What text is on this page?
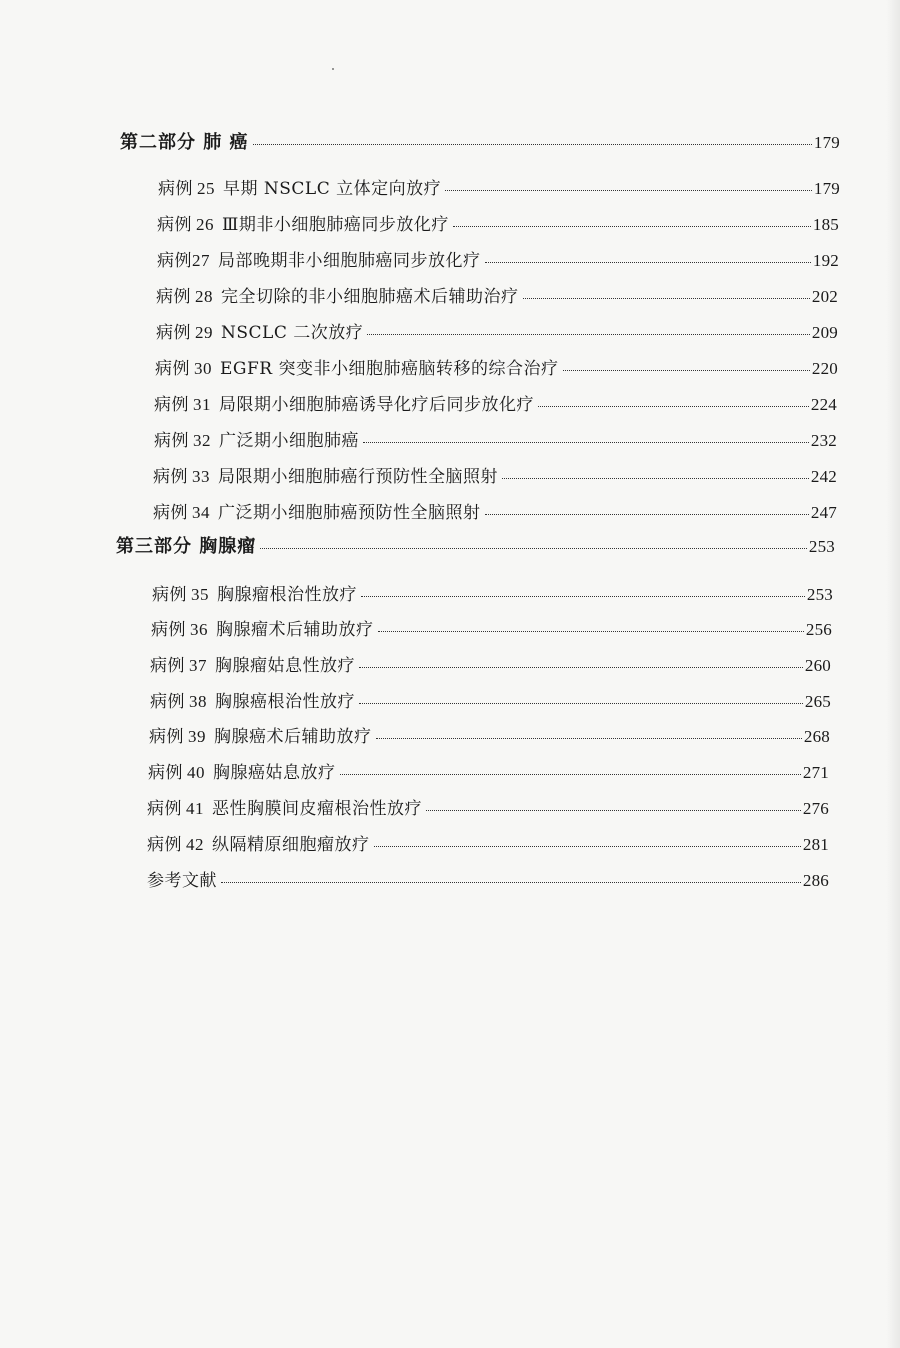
第二部分 肺 癌	179
病例 25 早期 NSCLC 立体定向放疗	179
病例 26 Ⅲ期非小细胞肺癌同步放化疗	185
病例27 局部晚期非小细胞肺癌同步放化疗	192
病例 28 完全切除的非小细胞肺癌术后辅助治疗	202
病例 29 NSCLC 二次放疗	209
病例 30 EGFR 突变非小细胞肺癌脑转移的综合治疗	220
病例 31 局限期小细胞肺癌诱导化疗后同步放化疗	224
病例 32 广泛期小细胞肺癌	232
病例 33 局限期小细胞肺癌行预防性全脑照射	242
病例 34 广泛期小细胞肺癌预防性全脑照射	247
第三部分 胸腺瘤	253
病例 35 胸腺瘤根治性放疗	253
病例 36 胸腺瘤术后辅助放疗	256
病例 37 胸腺瘤姑息性放疗	260
病例 38 胸腺癌根治性放疗	265
病例 39 胸腺癌术后辅助放疗	268
病例 40 胸腺癌姑息放疗	271
病例 41 恶性胸膜间皮瘤根治性放疗	276
病例 42 纵隔精原细胞瘤放疗	281
参考文献	286
